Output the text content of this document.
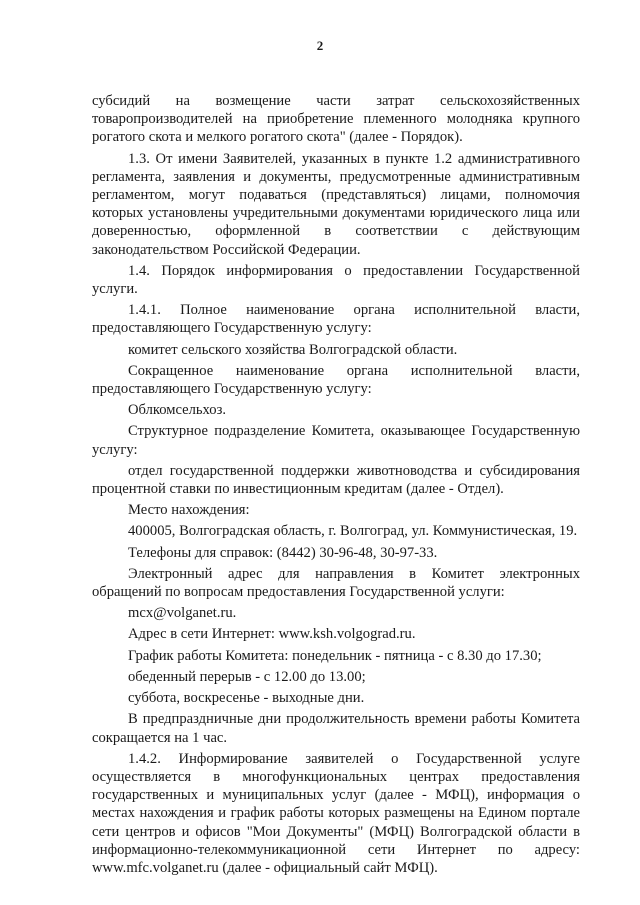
2

субсидий на возмещение части затрат сельскохозяйственных товаропроизводителей на приобретение племенного молодняка крупного рогатого скота и мелкого рогатого скота" (далее - Порядок).

1.3. От имени Заявителей, указанных в пункте 1.2 административного регламента, заявления и документы, предусмотренные административным регламентом, могут подаваться (представляться) лицами, полномочия которых установлены учредительными документами юридического лица или доверенностью, оформленной в соответствии с действующим законодательством Российской Федерации.

1.4. Порядок информирования о предоставлении Государственной услуги.

1.4.1. Полное наименование органа исполнительной власти, предоставляющего Государственную услугу:

комитет сельского хозяйства Волгоградской области.

Сокращенное наименование органа исполнительной власти, предоставляющего Государственную услугу:

Облкомсельхоз.

Структурное подразделение Комитета, оказывающее Государственную услугу:

отдел государственной поддержки животноводства и субсидирования процентной ставки по инвестиционным кредитам (далее - Отдел).

Место нахождения:

400005, Волгоградская область, г. Волгоград, ул. Коммунистическая, 19.

Телефоны для справок: (8442) 30-96-48, 30-97-33.

Электронный адрес для направления в Комитет электронных обращений по вопросам предоставления Государственной услуги:

mcx@volganet.ru.

Адрес в сети Интернет: www.ksh.volgograd.ru.

График работы Комитета: понедельник - пятница - с 8.30 до 17.30;

обеденный перерыв - с 12.00 до 13.00;

суббота, воскресенье - выходные дни.

В предпраздничные дни продолжительность времени работы Комитета сокращается на 1 час.

1.4.2. Информирование заявителей о Государственной услуге осуществляется в многофункциональных центрах предоставления государственных и муниципальных услуг (далее - МФЦ), информация о местах нахождения и график работы которых размещены на Едином портале сети центров и офисов "Мои Документы" (МФЦ) Волгоградской области в информационно-телекоммуникационной сети Интернет по адресу: www.mfc.volganet.ru (далее - официальный сайт МФЦ).
